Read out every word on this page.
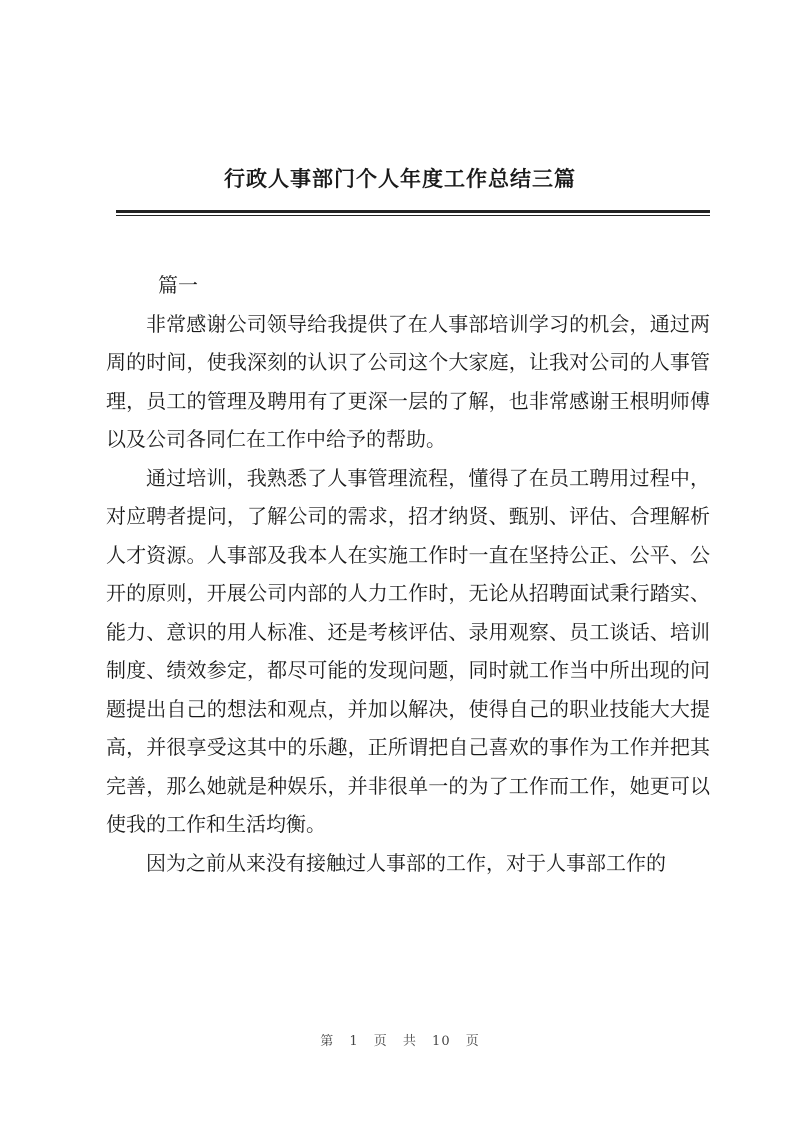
行政人事部门个人年度工作总结三篇

篇一

非常感谢公司领导给我提供了在人事部培训学习的机会，通过两周的时间，使我深刻的认识了公司这个大家庭，让我对公司的人事管理，员工的管理及聘用有了更深一层的了解，也非常感谢王根明师傅以及公司各同仁在工作中给予的帮助。

通过培训，我熟悉了人事管理流程，懂得了在员工聘用过程中，对应聘者提问，了解公司的需求，招才纳贤、甄别、评估、合理解析人才资源。人事部及我本人在实施工作时一直在坚持公正、公平、公开的原则，开展公司内部的人力工作时，无论从招聘面试秉行踏实、能力、意识的用人标准、还是考核评估、录用观察、员工谈话、培训制度、绩效参定，都尽可能的发现问题，同时就工作当中所出现的问题提出自己的想法和观点，并加以解决，使得自己的职业技能大大提高，并很享受这其中的乐趣，正所谓把自己喜欢的事作为工作并把其完善，那么她就是种娱乐，并非很单一的为了工作而工作，她更可以使我的工作和生活均衡。

因为之前从来没有接触过人事部的工作，对于人事部工作的

第 1 页 共 10 页
